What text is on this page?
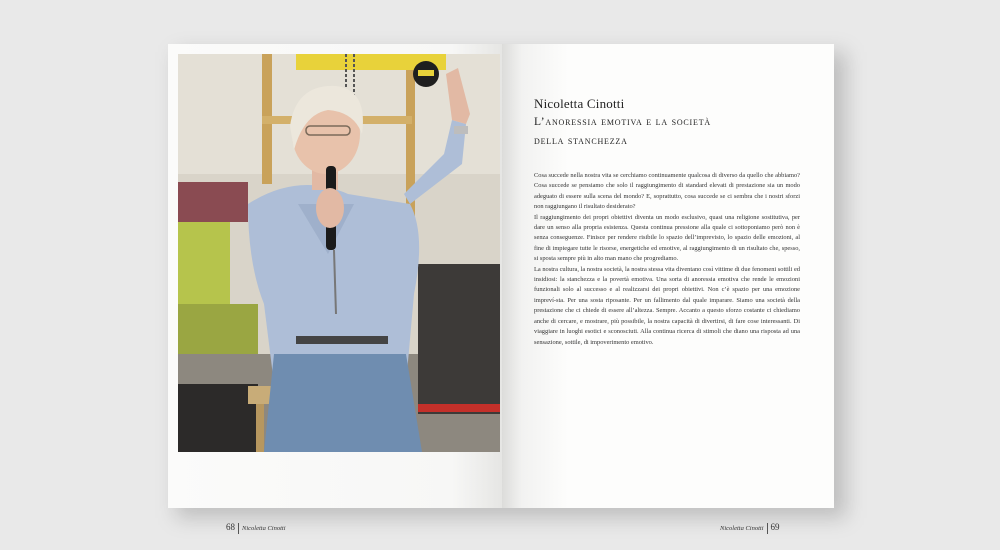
68 Nicoletta Cinotti	Nicoletta Cinotti 69
Nicoletta Cinotti
L’anoressia emotiva e la società
della stanchezza

Cosa succede nella nostra vita se cerchiamo continuamente qualcosa di diverso da quello che abbiamo? Cosa succede se pensiamo che solo il raggiungimento di standard elevati di prestazione sia un modo adeguato di essere sulla scena del mondo? E, soprattutto, cosa succede se ci sembra che i nostri sforzi non raggiungano il risultato desiderato?

Il raggiungimento dei propri obiettivi diventa un modo esclusivo, quasi una religione sostitutiva, per dare un senso alla propria esistenza. Questa continua pressione alla quale ci sottoponiamo però non è senza conseguenze. Finisce per rendere risibile lo spazio dell’imprevisto, lo spazio delle emozioni, al fine di impiegare tutte le risorse, energetiche ed emotive, al raggiungimento di un risultato che, spesso, si sposta sempre più in alto man mano che progrediamo.

La nostra cultura, la nostra società, la nostra stessa vita diventano così vittime di due fenomeni sottili ed insidiosi: la stanchezza e la povertà emotiva. Una sorta di anoressia emotiva che rende le emozioni funzionali solo al successo e al realizzarsi dei propri obiettivi. Non c’è spazio per una emozione impreví-sta. Per una sosta riposante. Per un fallimento dal quale imparare. Siamo una società della prestazione che ci chiede di essere all’altezza. Sempre. Accanto a questo sforzo costante ci chiediamo anche di cercare, e mostrare, più possibile, la nostra capacità di divertirsi, di fare cose interessanti. Di viaggiare in luoghi esotici e sconosciuti. Alla continua ricerca di stimoli che diano una risposta ad una sensazione, sottile, di impoverimento emotivo.
